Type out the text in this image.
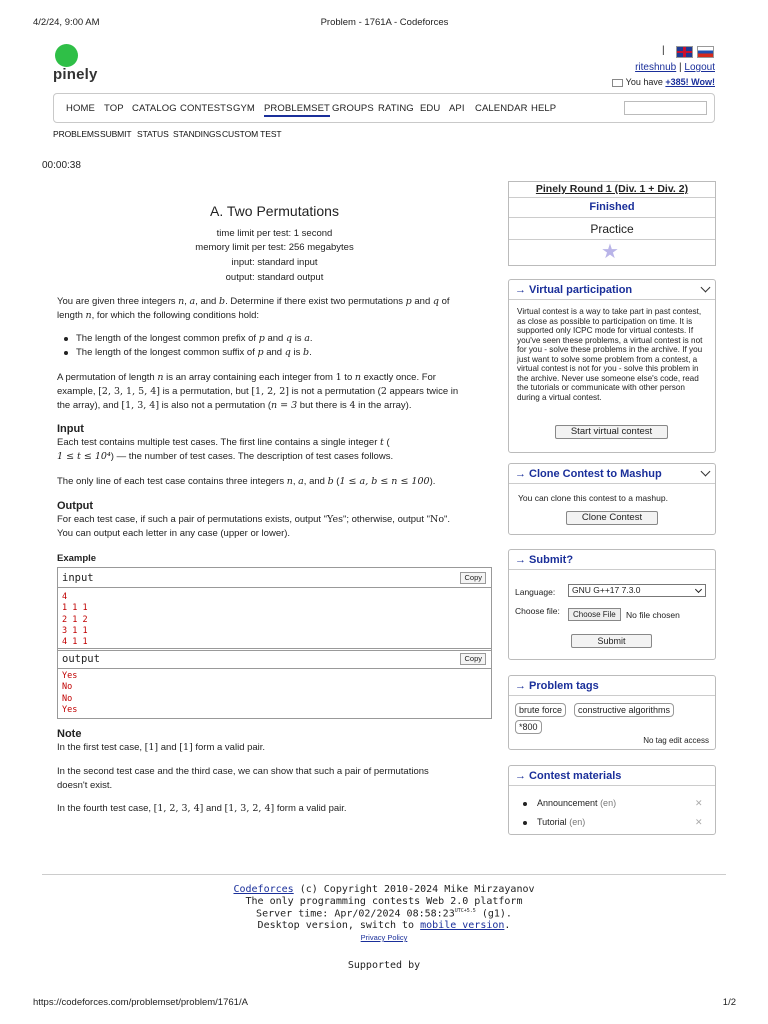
4/2/24, 9:00 AM	Problem - 1761A - Codeforces
pinely
|
riteshnub | Logout
You have +385! Wow!
HOME TOP CATALOG CONTESTS GYM PROBLEMSET GROUPS RATING EDU API CALENDAR HELP
PROBLEMS SUBMIT STATUS STANDINGS CUSTOM TEST
00:00:38
A. Two Permutations
time limit per test: 1 second
memory limit per test: 256 megabytes
input: standard input
output: standard output
You are given three integers n, a, and b. Determine if there exist two permutations p and q of
length n, for which the following conditions hold:
The length of the longest common prefix of p and q is a.
The length of the longest common suffix of p and q is b.
A permutation of length n is an array containing each integer from 1 to n exactly once. For
example, [2, 3, 1, 5, 4] is a permutation, but [1, 2, 2] is not a permutation (2 appears twice in
the array), and [1, 3, 4] is also not a permutation (n = 3 but there is 4 in the array).
Input
Each test contains multiple test cases. The first line contains a single integer t (
1 ≤ t ≤ 10⁴) — the number of test cases. The description of test cases follows.
The only line of each test case contains three integers n, a, and b (1 ≤ a, b ≤ n ≤ 100).
Output
For each test case, if such a pair of permutations exists, output "Yes"; otherwise, output "No".
You can output each letter in any case (upper or lower).
Example
input	Copy
4
1 1 1
2 1 2
3 1 1
4 1 1
output	Copy
Yes
No
No
Yes
Note
In the first test case, [1] and [1] form a valid pair.
In the second test case and the third case, we can show that such a pair of permutations
doesn't exist.
In the fourth test case, [1, 2, 3, 4] and [1, 3, 2, 4] form a valid pair.
Pinely Round 1 (Div. 1 + Div. 2)
Finished
Practice
★
→ Virtual participation
Virtual contest is a way to take part in past contest, as close as possible to participation on time. It is supported only ICPC mode for virtual contests. If you've seen these problems, a virtual contest is not for you - solve these problems in the archive. If you just want to solve some problem from a contest, a virtual contest is not for you - solve this problem in the archive. Never use someone else's code, read the tutorials or communicate with other person during a virtual contest.
Start virtual contest
→ Clone Contest to Mashup
You can clone this contest to a mashup.
Clone Contest
→ Submit?
Language:	GNU G++17 7.3.0
Choose file:	Choose File	No file chosen
Submit
→ Problem tags
brute force	constructive algorithms
*800
No tag edit access
→ Contest materials
Announcement (en)	✕
Tutorial (en)	✕
Codeforces (c) Copyright 2010-2024 Mike Mirzayanov
The only programming contests Web 2.0 platform
Server time: Apr/02/2024 $08:58:23^{UTC+5.5}$ (g1).
Desktop version, switch to mobile version.
Privacy Policy
Supported by
https://codeforces.com/problemset/problem/1761/A	1/2
